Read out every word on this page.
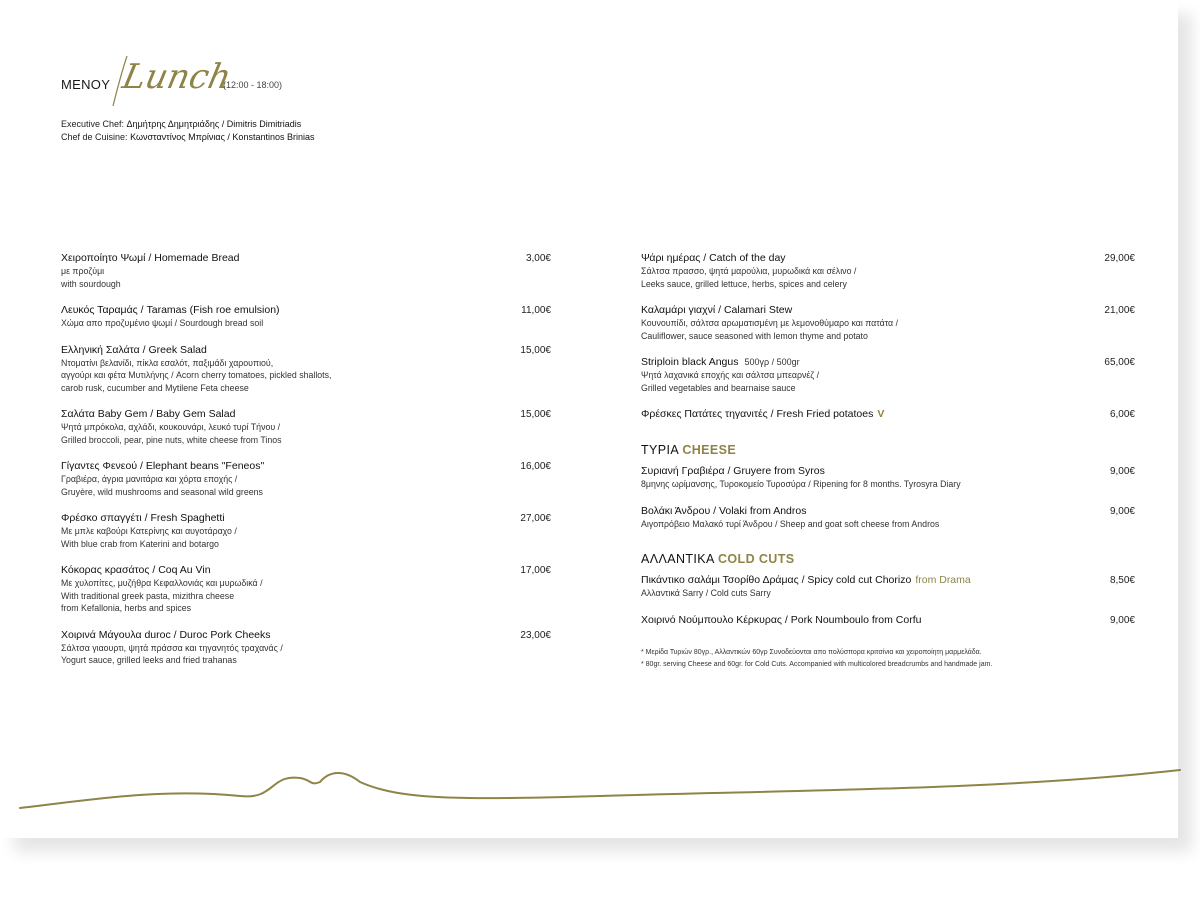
MENOY Lunch
(12:00 - 18:00)
Executive Chef: Δημήτρης Δημητριάδης / Dimitris Dimitriadis
Chef de Cuisine: Κωνσταντίνος Μπρίνιας / Konstantinos Brinias
Χειροποίητο Ψωμί / Homemade Bread
με προζύμι
with sourdough
3,00€
Λευκός Ταραμάς / Taramas (Fish roe emulsion)
Χώμα απο προζυμένιο ψωμί / Sourdough bread soil
11,00€
Ελληνική Σαλάτα / Greek Salad
Ντοματίνι βελανίδι, πίκλα εσαλότ, παξιμάδι χαρουπιού,
αγγούρι και φέτα Μυτιλήνης / Acorn cherry tomatoes, pickled shallots,
carob rusk, cucumber and Mytilene Feta cheese
15,00€
Σαλάτα Baby Gem / Baby Gem Salad
Ψητά μπρόκολα, αχλάδι, κουκουνάρι, λευκό τυρί Τήνου /
Grilled broccoli, pear, pine nuts, white cheese from Tinos
15,00€
Γίγαντες Φενεού / Elephant beans "Feneos"
Γραβιέρα, άγρια μανιτάρια και χόρτα εποχής /
Gruyère, wild mushrooms and seasonal wild greens
16,00€
Φρέσκο σπαγγέτι / Fresh Spaghetti
Με μπλε καβούρι Κατερίνης και αυγοτάραχο /
With blue crab from Katerini and botargo
27,00€
Κόκορας κρασάτος / Coq Au Vin
Με χυλοπίτες, μυζήθρα Κεφαλλονιάς και μυρωδικά /
With traditional greek pasta, mizithra cheese
from Kefallonia, herbs and spices
17,00€
Χοιρινά Μάγουλα duroc / Duroc Pork Cheeks
Σάλτσα γιαουρτι, ψητά πράσσα και τηγανητός τραχανάς /
Yogurt sauce, grilled leeks and fried trahanas
23,00€
Ψάρι ημέρας / Catch of the day
Σάλτσα πρασσο, ψητά μαρούλια, μυρωδικά και σέλινο /
Leeks sauce, grilled lettuce, herbs, spices and celery
29,00€
Καλαμάρι γιαχνί / Calamari Stew
Κουνουπίδι, σάλτσα αρωματισμένη με λεμονοθύμαρο και πατάτα /
Cauliflower, sauce seasoned with lemon thyme and potato
21,00€
Striploin black Angus 500γρ / 500gr
Ψητά λαχανικά εποχής και σάλτσα μπεαρνέζ /
Grilled vegetables and bearnaise sauce
65,00€
Φρέσκες Πατάτες τηγανιτές / Fresh Fried potatoes V	6,00€
ΤΥΡΙΑ CHEESE
Συριανή Γραβιέρα / Gruyere from Syros
8μηνης ωρίμανσης, Τυροκομείο Τυροσύρα / Ripening for 8 months. Tyrosyra Diary
9,00€
Βολάκι Άνδρου / Volaki from Andros
Αιγοπρόβειο Μαλακό τυρί Άνδρου / Sheep and goat soft cheese from Andros
9,00€
ΑΛΛΑΝΤΙΚΑ COLD CUTS
Πικάντικο σαλάμι Τσορίθο Δράμας / Spicy cold cut Chorizo from Drama
Αλλαντικά Sarry / Cold cuts Sarry
8,50€
Χοιρινό Νούμπουλο Κέρκυρας / Pork Noumboulo from Corfu	9,00€
* Μερίδα Τυριών 80γρ., Αλλαντικών 60γρ Συνοδεύονται απο πολύσπορα κριτσίνια και χειροποίητη μαρμελάδα.
* 80gr. serving Cheese and 60gr. for Cold Cuts. Accompanied with multicolored breadcrumbs and handmade jam.
